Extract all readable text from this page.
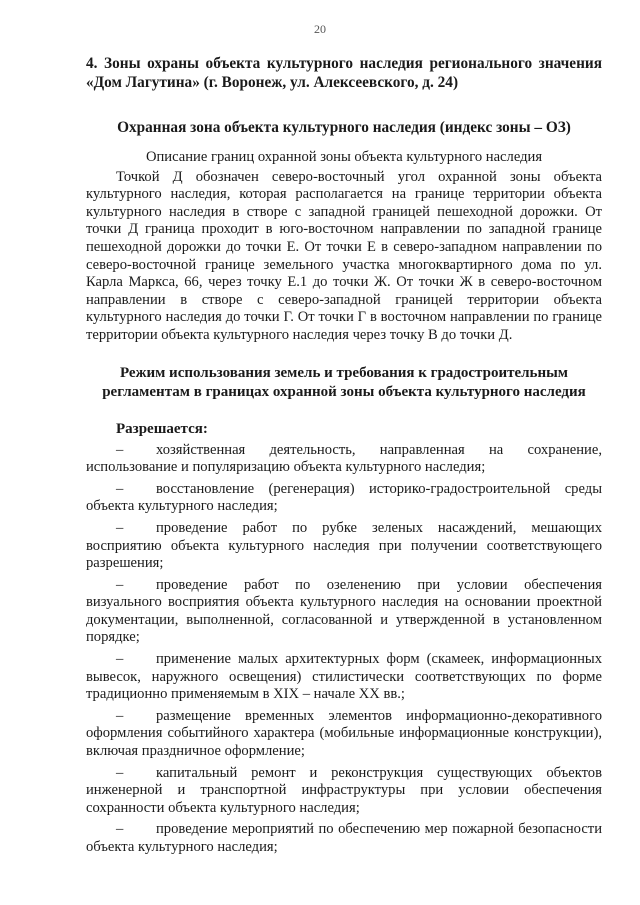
20

4. Зоны охраны объекта культурного наследия регионального значения «Дом Лагутина» (г. Воронеж, ул. Алексеевского, д. 24)

Охранная зона объекта культурного наследия (индекс зоны – ОЗ)

Описание границ охранной зоны объекта культурного наследия
Точкой Д обозначен северо-восточный угол охранной зоны объекта культурного наследия, которая располагается на границе территории объекта культурного наследия в створе с западной границей пешеходной дорожки. От точки Д граница проходит в юго-восточном направлении по западной границе пешеходной дорожки до точки Е. От точки Е в северо-западном направлении по северо-восточной границе земельного участка многоквартирного дома по ул. Карла Маркса, 66, через точку Е.1 до точки Ж. От точки Ж в северо-восточном направлении в створе с северо-западной границей территории объекта культурного наследия до точки Г. От точки Г в восточном направлении по границе территории объекта культурного наследия через точку В до точки Д.

Режим использования земель и требования к градостроительным регламентам в границах охранной зоны объекта культурного наследия

Разрешается:

– хозяйственная деятельность, направленная на сохранение, использование и популяризацию объекта культурного наследия;

– восстановление (регенерация) историко-градостроительной среды объекта культурного наследия;

– проведение работ по рубке зеленых насаждений, мешающих восприятию объекта культурного наследия при получении соответствующего разрешения;

– проведение работ по озеленению при условии обеспечения визуального восприятия объекта культурного наследия на основании проектной документации, выполненной, согласованной и утвержденной в установленном порядке;

– применение малых архитектурных форм (скамеек, информационных вывесок, наружного освещения) стилистически соответствующих по форме традиционно применяемым в XIX – начале XX вв.;

– размещение временных элементов информационно-декоративного оформления событийного характера (мобильные информационные конструкции), включая праздничное оформление;

– капитальный ремонт и реконструкция существующих объектов инженерной и транспортной инфраструктуры при условии обеспечения сохранности объекта культурного наследия;

– проведение мероприятий по обеспечению мер пожарной безопасности объекта культурного наследия;
